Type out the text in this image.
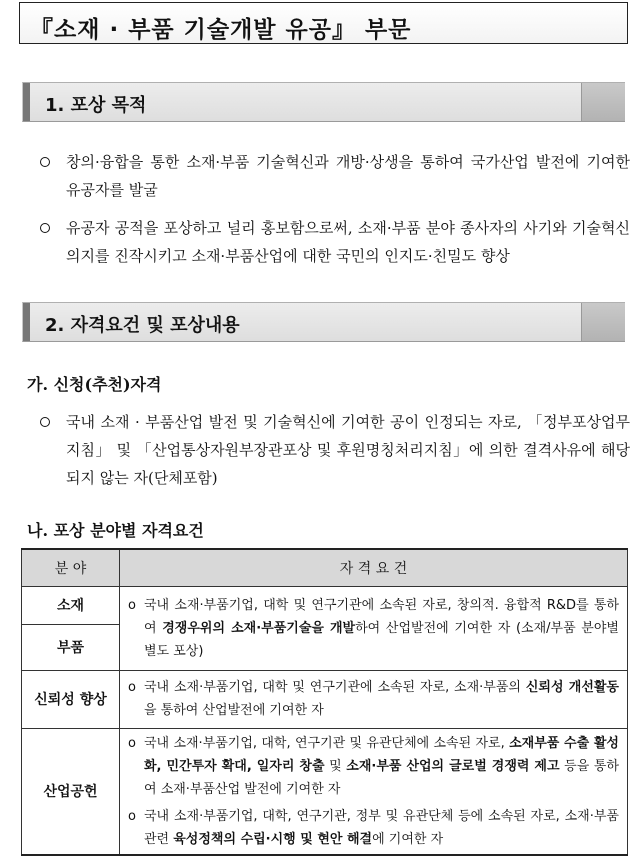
『소재 · 부품 기술개발 유공』 부문
1. 포상 목적
창의·융합을 통한 소재·부품 기술혁신과 개방·상생을 통하여 국가산업 발전에 기여한 유공자를 발굴
유공자 공적을 포상하고 널리 홍보함으로써, 소재·부품 분야 종사자의 사기와 기술혁신 의지를 진작시키고 소재·부품산업에 대한 국민의 인지도·친밀도 향상
2. 자격요건 및 포상내용
가. 신청(추천)자격
국내 소재 · 부품산업 발전 및 기술혁신에 기여한 공이 인정되는 자로, 「정부포상업무지침」 및 「산업통상자원부장관포상 및 후원명칭처리지침」에 의한 결격사유에 해당되지 않는 자(단체포함)
나. 포상 분야별 자격요건
분 야	자 격 요 건
소재	o 국내 소재·부품기업, 대학 및 연구기관에 소속된 자로, 창의적. 융합적 R&D를 통하여 경쟁우위의 소재·부품기술을 개발하여 산업발전에 기여한 자 (소재/부품 분야별 별도 포상)

부품	
신뢰성 향상	o 국내 소재·부품기업, 대학 및 연구기관에 소속된 자로, 소재·부품의 신뢰성 개선활동을 통하여 산업발전에 기여한 자

산업공헌	o 국내 소재·부품기업, 대학, 연구기관 및 유관단체에 소속된 자로, 소재부품 수출 활성화, 민간투자 확대, 일자리 창출 및 소재·부품 산업의 글로벌 경쟁력 제고 등을 통하여 소재·부품산업 발전에 기여한 자
o 국내 소재·부품기업, 대학, 연구기관, 정부 및 유관단체 등에 소속된 자로, 소재·부품 관련 육성정책의 수립·시행 및 현안 해결에 기여한 자
